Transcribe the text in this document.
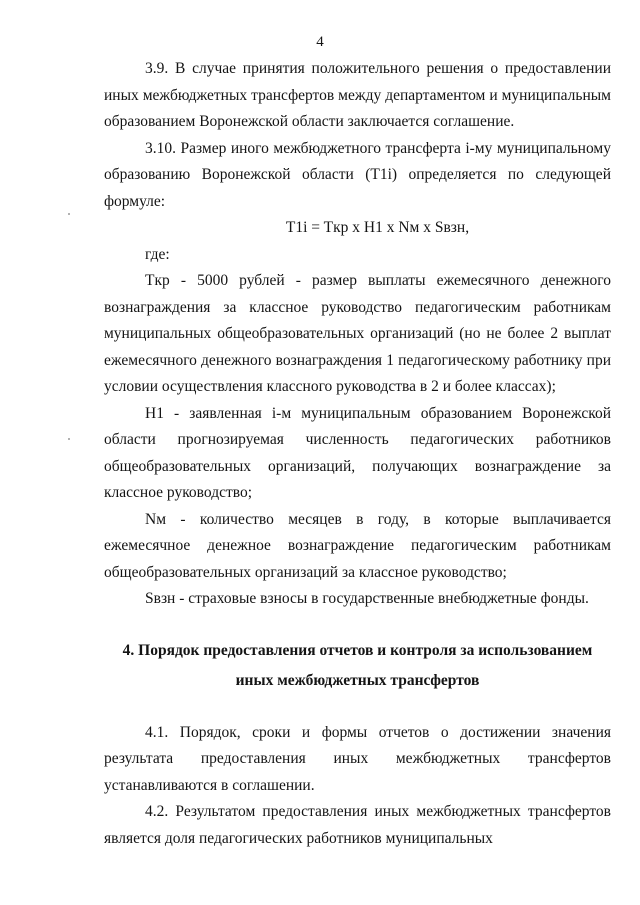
4

3.9. В случае принятия положительного решения о предоставлении иных межбюджетных трансфертов между департаментом и муниципальным образованием Воронежской области заключается соглашение.

3.10. Размер иного межбюджетного трансферта i-му муниципальному образованию Воронежской области (T1i) определяется по следующей формуле:

T1i = Tкр x H1 x Nм x Sвзн,

где:

Tкр - 5000 рублей - размер выплаты ежемесячного денежного вознаграждения за классное руководство педагогическим работникам муниципальных общеобразовательных организаций (но не более 2 выплат ежемесячного денежного вознаграждения 1 педагогическому работнику при условии осуществления классного руководства в 2 и более классах);

H1 - заявленная i-м муниципальным образованием Воронежской области прогнозируемая численность педагогических работников общеобразовательных организаций, получающих вознаграждение за классное руководство;

Nм - количество месяцев в году, в которые выплачивается ежемесячное денежное вознаграждение педагогическим работникам общеобразовательных организаций за классное руководство;

Sвзн - страховые взносы в государственные внебюджетные фонды.

4. Порядок предоставления отчетов и контроля за использованием
иных межбюджетных трансфертов

4.1. Порядок, сроки и формы отчетов о достижении значения результата предоставления иных межбюджетных трансфертов устанавливаются в соглашении.

4.2. Результатом предоставления иных межбюджетных трансфертов является доля педагогических работников муниципальных
